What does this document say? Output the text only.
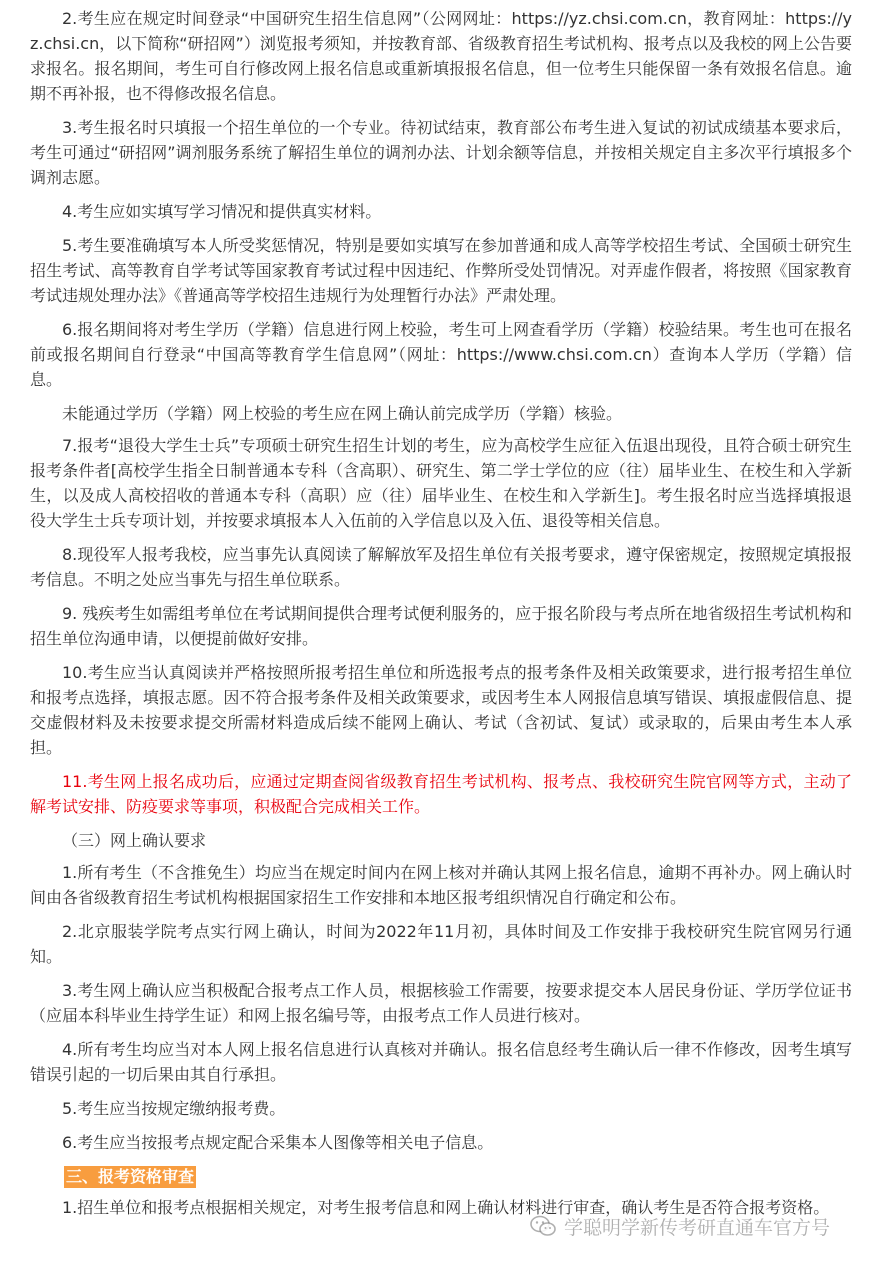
2.考生应在规定时间登录“中国研究生招生信息网”（公网网址：https://yz.chsi.com.cn，教育网址：https://yz.chsi.cn，以下简称“研招网”）浏览报考须知，并按教育部、省级教育招生考试机构、报考点以及我校的网上公告要求报名。报名期间，考生可自行修改网上报名信息或重新填报报名信息，但一位考生只能保留一条有效报名信息。逾期不再补报，也不得修改报名信息。

3.考生报名时只填报一个招生单位的一个专业。待初试结束，教育部公布考生进入复试的初试成绩基本要求后，考生可通过“研招网”调剂服务系统了解招生单位的调剂办法、计划余额等信息，并按相关规定自主多次平行填报多个调剂志愿。

4.考生应如实填写学习情况和提供真实材料。

5.考生要准确填写本人所受奖惩情况，特别是要如实填写在参加普通和成人高等学校招生考试、全国硕士研究生招生考试、高等教育自学考试等国家教育考试过程中因违纪、作弊所受处罚情况。对弄虚作假者，将按照《国家教育考试违规处理办法》《普通高等学校招生违规行为处理暂行办法》严肃处理。

6.报名期间将对考生学历（学籍）信息进行网上校验，考生可上网查看学历（学籍）校验结果。考生也可在报名前或报名期间自行登录“中国高等教育学生信息网”（网址：https://www.chsi.com.cn）查询本人学历（学籍）信息。

未能通过学历（学籍）网上校验的考生应在网上确认前完成学历（学籍）核验。

7.报考“退役大学生士兵”专项硕士研究生招生计划的考生，应为高校学生应征入伍退出现役，且符合硕士研究生报考条件者[高校学生指全日制普通本专科（含高职）、研究生、第二学士学位的应（往）届毕业生、在校生和入学新生，以及成人高校招收的普通本专科（高职）应（往）届毕业生、在校生和入学新生]。考生报名时应当选择填报退役大学生士兵专项计划，并按要求填报本人入伍前的入学信息以及入伍、退役等相关信息。

8.现役军人报考我校，应当事先认真阅读了解解放军及招生单位有关报考要求，遵守保密规定，按照规定填报报考信息。不明之处应当事先与招生单位联系。

9. 残疾考生如需组考单位在考试期间提供合理考试便利服务的，应于报名阶段与考点所在地省级招生考试机构和招生单位沟通申请，以便提前做好安排。

10.考生应当认真阅读并严格按照所报考招生单位和所选报考点的报考条件及相关政策要求，进行报考招生单位和报考点选择，填报志愿。因不符合报考条件及相关政策要求，或因考生本人网报信息填写错误、填报虚假信息、提交虚假材料及未按要求提交所需材料造成后续不能网上确认、考试（含初试、复试）或录取的，后果由考生本人承担。

11.考生网上报名成功后，应通过定期查阅省级教育招生考试机构、报考点、我校研究生院官网等方式，主动了解考试安排、防疫要求等事项，积极配合完成相关工作。

（三）网上确认要求

1.所有考生（不含推免生）均应当在规定时间内在网上核对并确认其网上报名信息，逾期不再补办。网上确认时间由各省级教育招生考试机构根据国家招生工作安排和本地区报考组织情况自行确定和公布。

2.北京服装学院考点实行网上确认，时间为2022年11月初，具体时间及工作安排于我校研究生院官网另行通知。

3.考生网上确认应当积极配合报考点工作人员，根据核验工作需要，按要求提交本人居民身份证、学历学位证书（应届本科毕业生持学生证）和网上报名编号等，由报考点工作人员进行核对。

4.所有考生均应当对本人网上报名信息进行认真核对并确认。报名信息经考生确认后一律不作修改，因考生填写错误引起的一切后果由其自行承担。

5.考生应当按规定缴纳报考费。

6.考生应当按报考点规定配合采集本人图像等相关电子信息。

三、报考资格审查

1.招生单位和报考点根据相关规定，对考生报考信息和网上确认材料进行审查，确认考生是否符合报考资格。

学聪明学新传考研直通车官方号
